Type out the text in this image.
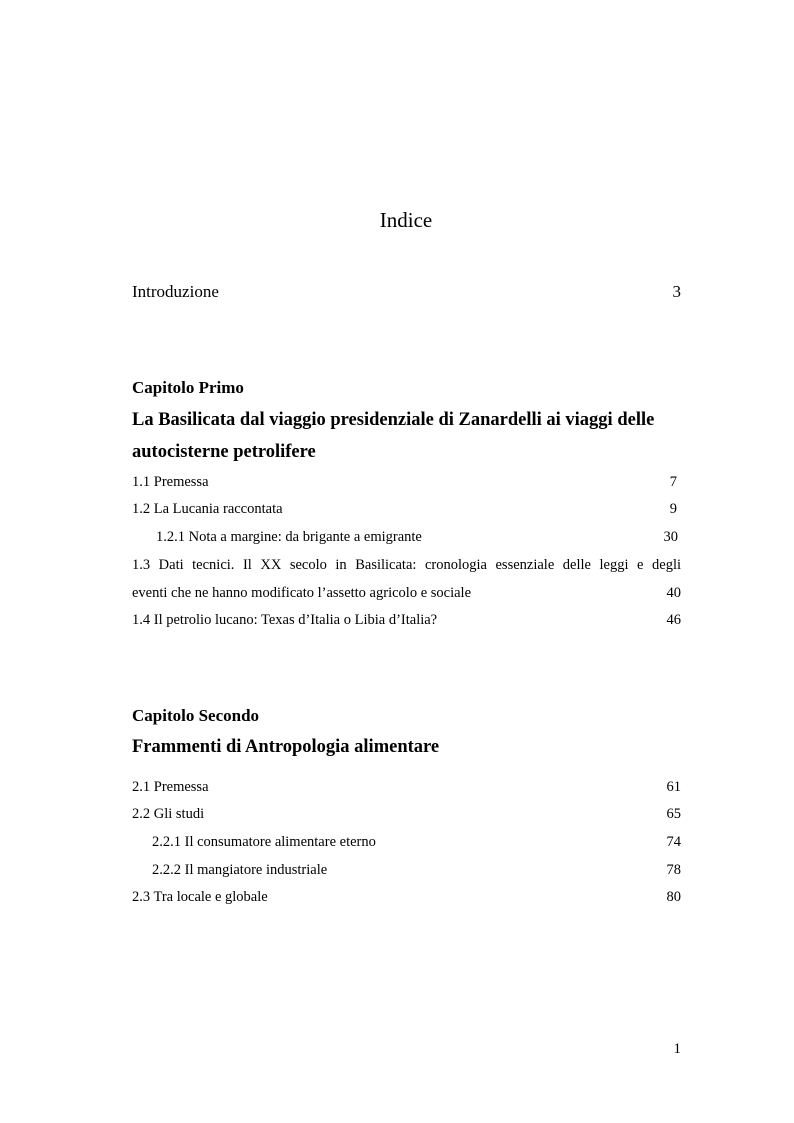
Indice
Introduzione	3
Capitolo Primo
La Basilicata dal viaggio presidenziale di Zanardelli ai viaggi delle
autocisterne petrolifere
1.1 Premessa	7
1.2 La Lucania raccontata	9
1.2.1 Nota a margine: da brigante a emigrante	30
1.3 Dati tecnici. Il XX secolo in Basilicata: cronologia essenziale delle leggi e degli
eventi che ne hanno modificato l’assetto agricolo e sociale	40
1.4 Il petrolio lucano: Texas d’Italia o Libia d’Italia?	46
Capitolo Secondo
Frammenti di Antropologia alimentare
2.1 Premessa	61
2.2 Gli studi	65
2.2.1 Il consumatore alimentare eterno	74
2.2.2 Il mangiatore industriale	78
2.3 Tra locale e globale	80
1
